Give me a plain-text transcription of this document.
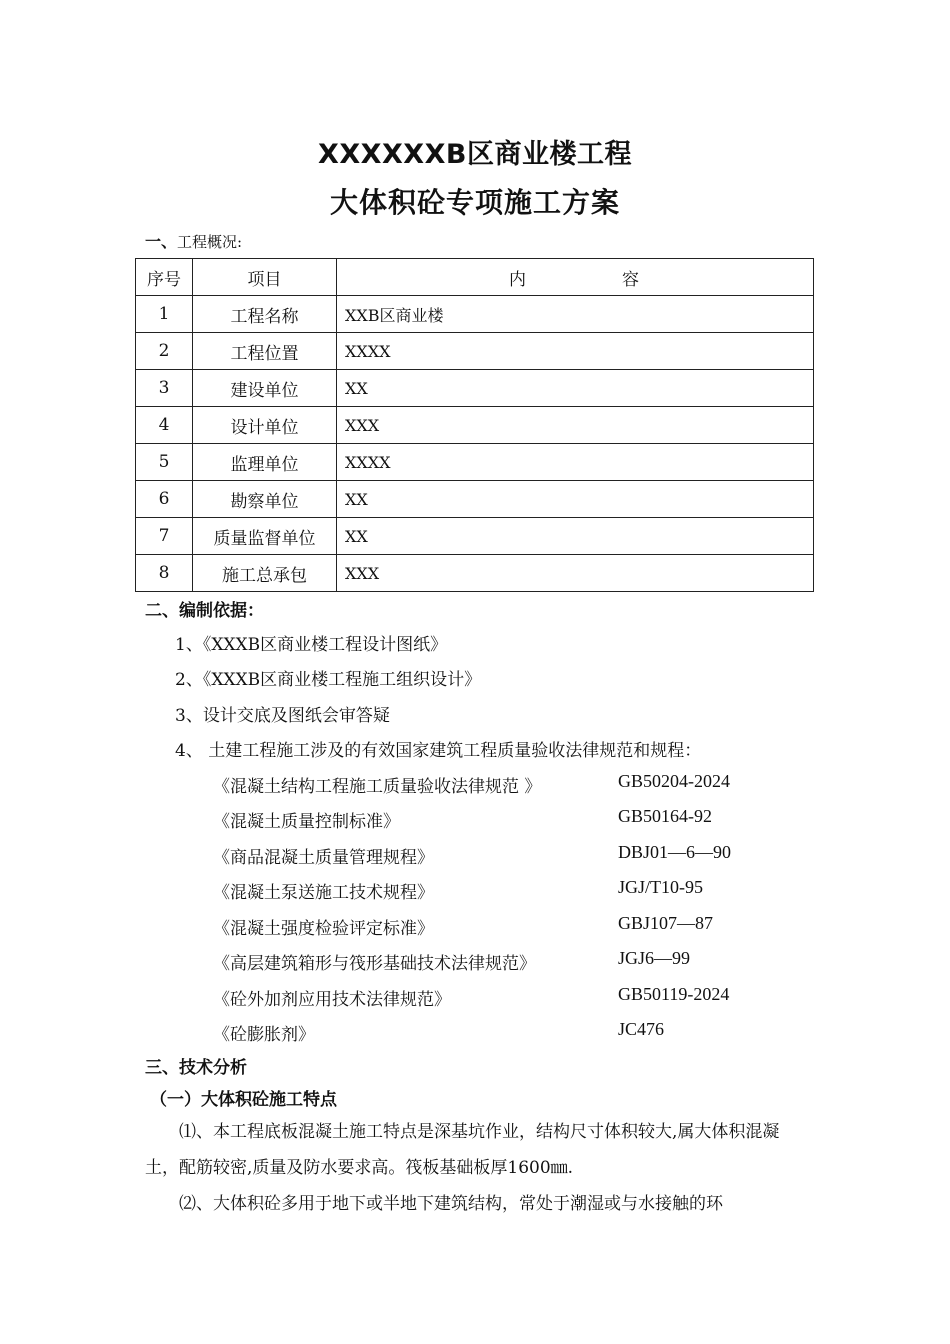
XXXXXXB区商业楼工程
大体积砼专项施工方案
一、工程概况:
序号	项目	内 容

1	工程名称	XXB区商业楼
2	工程位置	XXXX
3	建设单位	XX
4	设计单位	XXX
5	监理单位	XXXX
6	勘察单位	XX
7	质量监督单位	XX
8	施工总承包	XXX
二、编制依据：
1、《XXXB区商业楼工程设计图纸》
2、《XXXB区商业楼工程施工组织设计》
3、设计交底及图纸会审答疑
4、 土建工程施工涉及的有效国家建筑工程质量验收法律规范和规程：
《混凝土结构工程施工质量验收法律规范 》	GB50204-2024
《混凝土质量控制标准》	GB50164-92
《商品混凝土质量管理规程》	DBJ01—6—90
《混凝土泵送施工技术规程》	JGJ/T10-95
《混凝土强度检验评定标准》	GBJ107—87
《高层建筑箱形与筏形基础技术法律规范》	JGJ6—99
《砼外加剂应用技术法律规范》	GB50119-2024
《砼膨胀剂》	JC476
三、技术分析
（一）大体积砼施工特点
⑴、本工程底板混凝土施工特点是深基坑作业，结构尺寸体积较大,属大体积混凝土，配筋较密,质量及防水要求高。筏板基础板厚1600㎜.
⑵、大体积砼多用于地下或半地下建筑结构，常处于潮湿或与水接触的环
